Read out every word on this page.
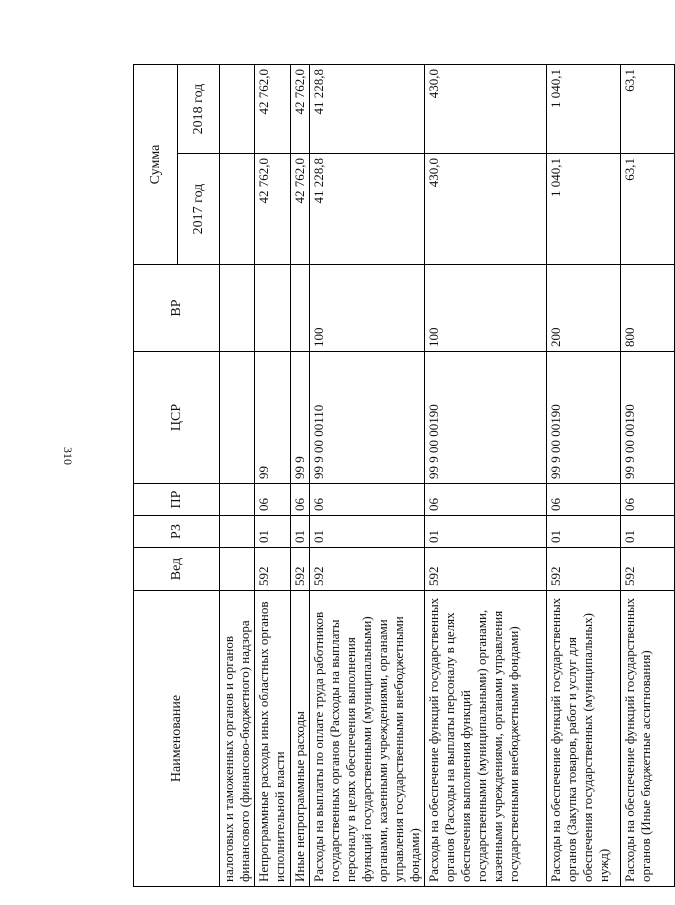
310
Наименование	Вед	РЗ	ПР	ЦСР	ВР	Сумма	
						2017 год	2018 год
налоговых и таможенных органов и органов финансового (финансово-бюджетного) надзора							
Непрограммные расходы иных областных органов исполнительной власти	592	01	06	99		42 762,0	42 762,0
Иные непрограммные расходы	592	01	06	99 9		42 762,0	42 762,0
Расходы на выплаты по оплате труда работников государственных органов (Расходы на выплаты персоналу в целях обеспечения выполнения функций государственными (муниципальными) органами, казенными учреждениями, органами управления государственными внебюджетными фондами)	592	01	06	99 9 00 00110	100	41 228,8	41 228,8
Расходы на обеспечение функций государственных органов (Расходы на выплаты персоналу в целях обеспечения выполнения функций государственными (муниципальными) органами, казенными учреждениями, органами управления государственными внебюджетными фондами)	592	01	06	99 9 00 00190	100	430,0	430,0
Расходы на обеспечение функций государственных органов (Закупка товаров, работ и услуг для обеспечения государственных (муниципальных) нужд)	592	01	06	99 9 00 00190	200	1 040,1	1 040,1
Расходы на обеспечение функций государственных органов (Иные бюджетные ассигнования)	592	01	06	99 9 00 00190	800	63,1	63,1
